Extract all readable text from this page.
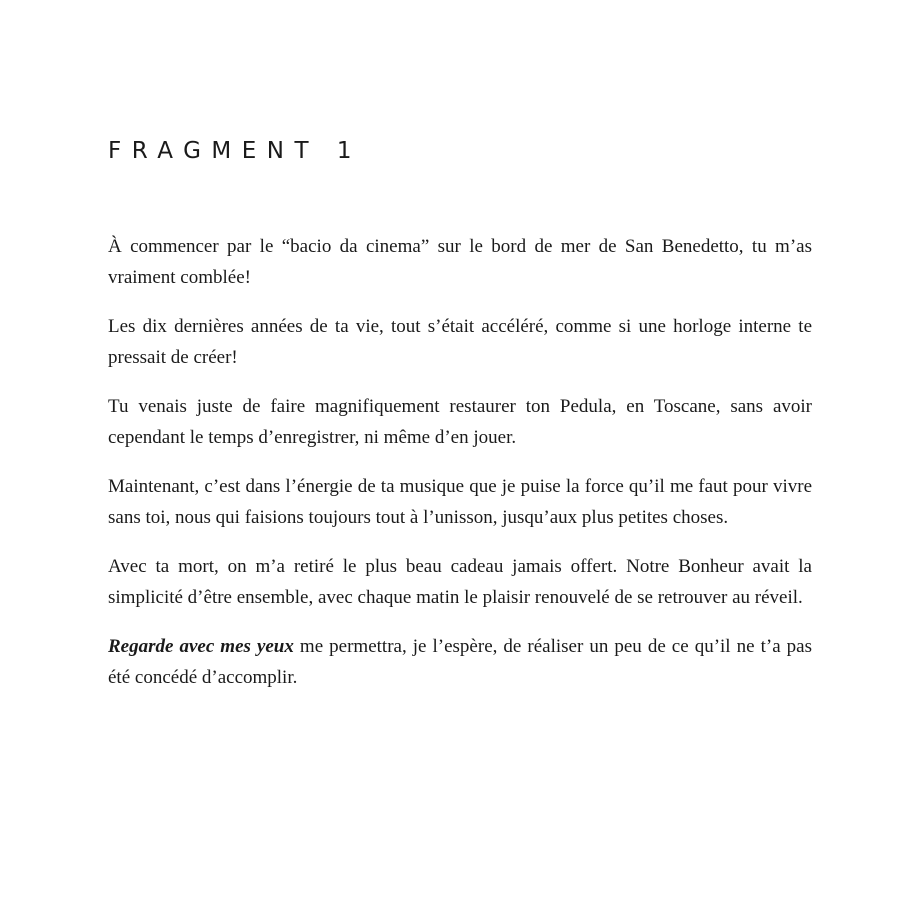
FRAGMENT 1

À commencer par le “bacio da cinema” sur le bord de mer de San Benedetto, tu m’as vraiment comblée!

Les dix dernières années de ta vie, tout s’était accéléré, comme si une horloge interne te pressait de créer!

Tu venais juste de faire magnifiquement restaurer ton Pedula, en Toscane, sans avoir cependant le temps d’enregistrer, ni même d’en jouer.

Maintenant, c’est dans l’énergie de ta musique que je puise la force qu’il me faut pour vivre sans toi, nous qui faisions toujours tout à l’unisson, jusqu’aux plus petites choses.

Avec ta mort, on m’a retiré le plus beau cadeau jamais offert. Notre Bonheur avait la simplicité d’être ensemble, avec chaque matin le plaisir renouvelé de se retrouver au réveil.

Regarde avec mes yeux me permettra, je l’espère, de réaliser un peu de ce qu’il ne t’a pas été concédé d’accomplir.
